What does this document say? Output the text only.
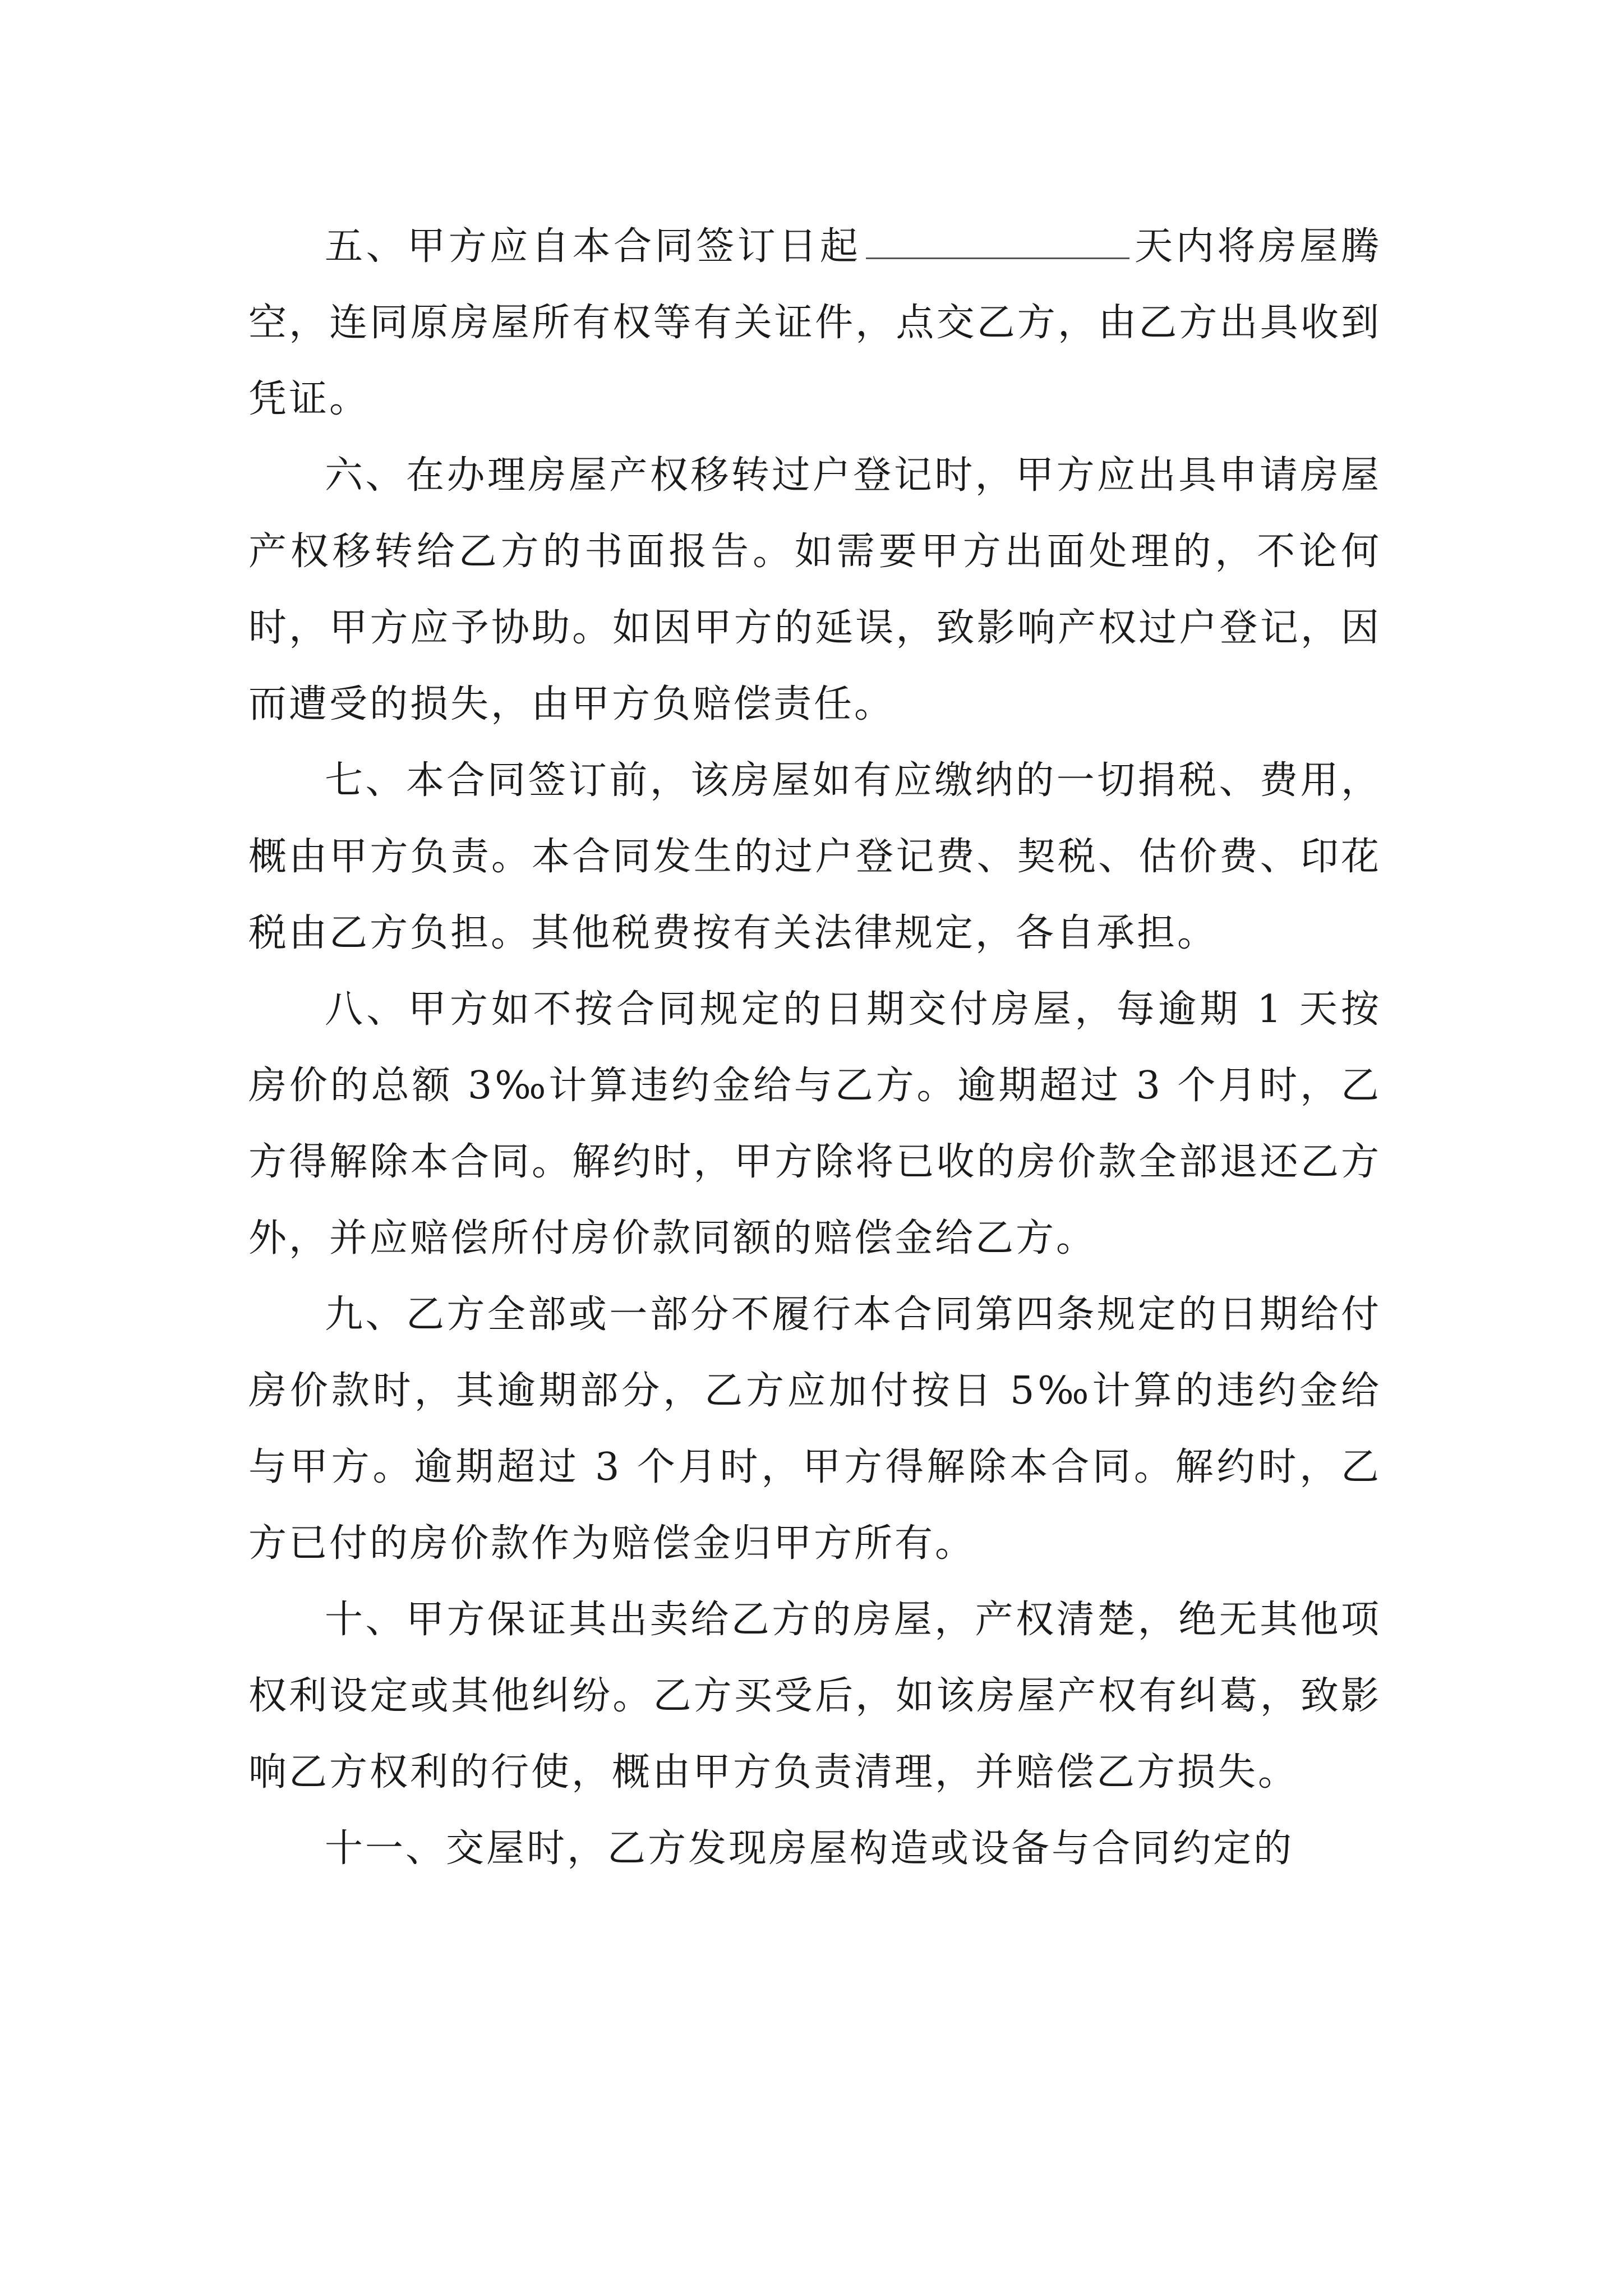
五、甲方应自本合同签订日起	天内将房屋腾空，连同原房屋所有权等有关证件，点交乙方，由乙方出具收到凭证。

六、在办理房屋产权移转过户登记时，甲方应出具申请房屋产权移转给乙方的书面报告。如需要甲方出面处理的，不论何时，甲方应予协助。如因甲方的延误，致影响产权过户登记，因而遭受的损失，由甲方负赔偿责任。

七、本合同签订前，该房屋如有应缴纳的一切捐税、费用，概由甲方负责。本合同发生的过户登记费、契税、估价费、印花税由乙方负担。其他税费按有关法律规定，各自承担。

八、甲方如不按合同规定的日期交付房屋，每逾期 1 天按房价的总额 3‰计算违约金给与乙方。逾期超过 3 个月时，乙方得解除本合同。解约时，甲方除将已收的房价款全部退还乙方外，并应赔偿所付房价款同额的赔偿金给乙方。

九、乙方全部或一部分不履行本合同第四条规定的日期给付房价款时，其逾期部分，乙方应加付按日 5‰计算的违约金给与甲方。逾期超过 3 个月时，甲方得解除本合同。解约时，乙方已付的房价款作为赔偿金归甲方所有。

十、甲方保证其出卖给乙方的房屋，产权清楚，绝无其他项权利设定或其他纠纷。乙方买受后，如该房屋产权有纠葛，致影响乙方权利的行使，概由甲方负责清理，并赔偿乙方损失。

十一、交屋时，乙方发现房屋构造或设备与合同约定的
